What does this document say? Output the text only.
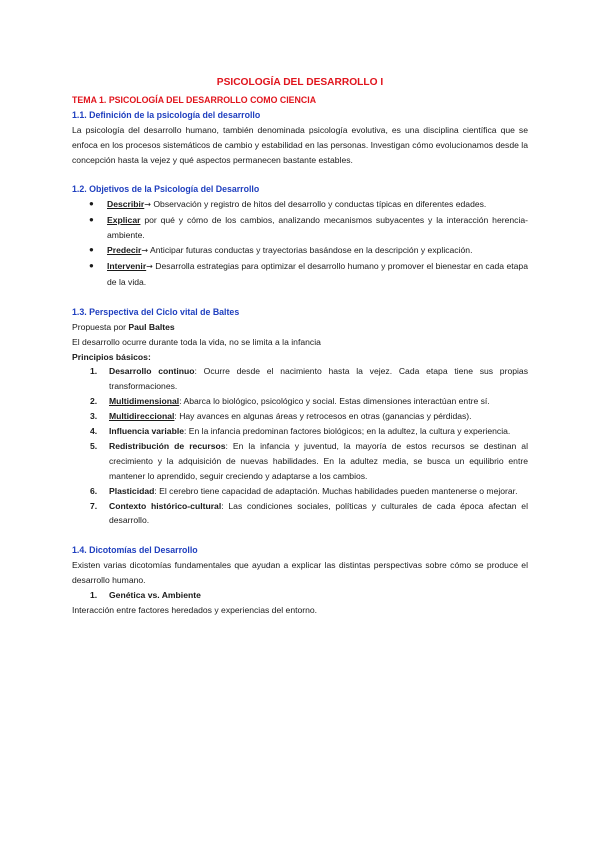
PSICOLOGÍA DEL DESARROLLO I
TEMA 1. PSICOLOGÍA DEL DESARROLLO COMO CIENCIA
1.1. Definición de la psicología del desarrollo

La psicología del desarrollo humano, también denominada psicología evolutiva, es una disciplina científica que se enfoca en los procesos sistemáticos de cambio y estabilidad en las personas. Investigan cómo evolucionamos desde la concepción hasta la vejez y qué aspectos permanecen bastante estables.

1.2. Objetivos de la Psicología del Desarrollo
● Describir→ Observación y registro de hitos del desarrollo y conductas típicas en diferentes edades.
● Explicar por qué y cómo de los cambios, analizando mecanismos subyacentes y la interacción herencia-ambiente.
● Predecir→ Anticipar futuras conductas y trayectorias basándose en la descripción y explicación.
● Intervenir→ Desarrolla estrategias para optimizar el desarrollo humano y promover el bienestar en cada etapa de la vida.
1.3. Perspectiva del Ciclo vital de Baltes

Propuesta por Paul Baltes

El desarrollo ocurre durante toda la vida, no se limita a la infancia

Principios básicos:

1. Desarrollo continuo: Ocurre desde el nacimiento hasta la vejez. Cada etapa tiene sus propias transformaciones.
2. Multidimensional: Abarca lo biológico, psicológico y social. Estas dimensiones interactúan entre sí.
3. Multidireccional: Hay avances en algunas áreas y retrocesos en otras (ganancias y pérdidas).
4. Influencia variable: En la infancia predominan factores biológicos; en la adultez, la cultura y experiencia.
5. Redistribución de recursos: En la infancia y juventud, la mayoría de estos recursos se destinan al crecimiento y la adquisición de nuevas habilidades. En la adultez media, se busca un equilibrio entre mantener lo aprendido, seguir creciendo y adaptarse a los cambios.
6. Plasticidad: El cerebro tiene capacidad de adaptación. Muchas habilidades pueden mantenerse o mejorar.
7. Contexto histórico-cultural: Las condiciones sociales, políticas y culturales de cada época afectan el desarrollo.
1.4. Dicotomías del Desarrollo

Existen varias dicotomías fundamentales que ayudan a explicar las distintas perspectivas sobre cómo se produce el desarrollo humano.

1. Genética vs. Ambiente

Interacción entre factores heredados y experiencias del entorno.
